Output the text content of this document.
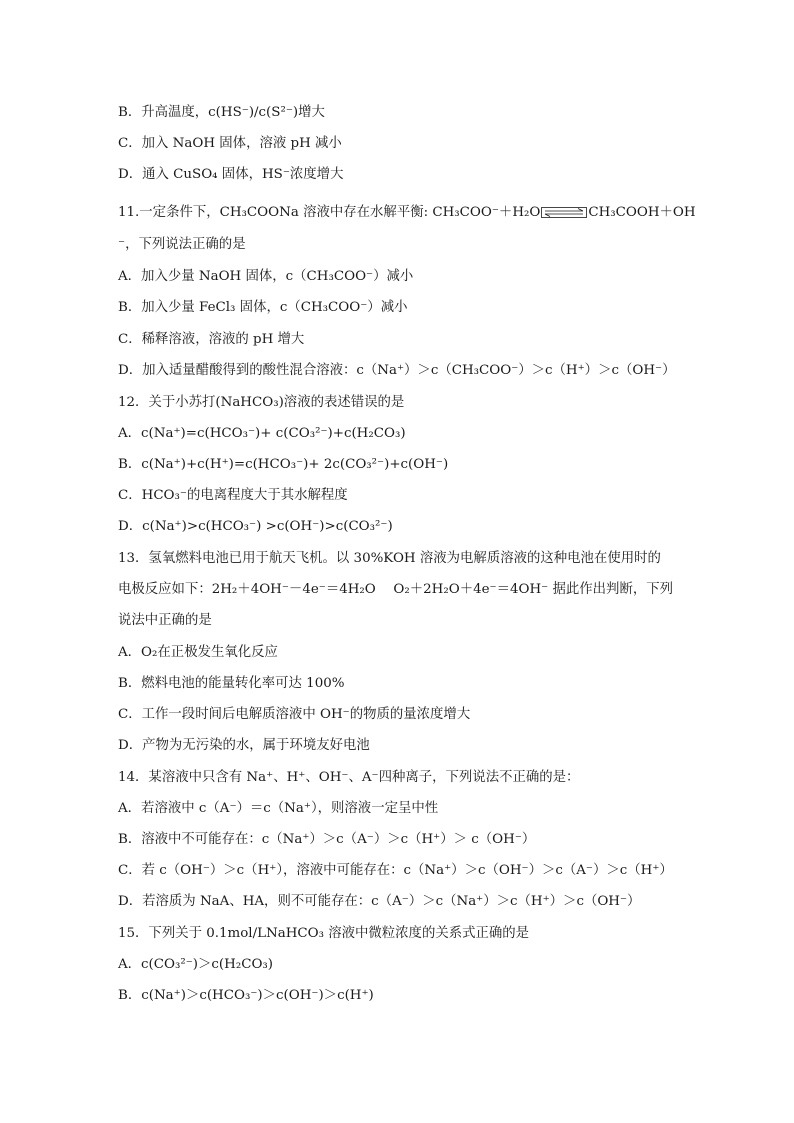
B．升高温度，c(HS⁻)/c(S²⁻)增大
C．加入 NaOH 固体，溶液 pH 减小
D．通入 CuSO₄ 固体，HS⁻浓度增大
11.一定条件下，CH₃COONa 溶液中存在水解平衡: CH₃COO⁻＋H₂O	CH₃COOH＋OH
⁻，下列说法正确的是
A．加入少量 NaOH 固体，c（CH₃COO⁻）减小
B．加入少量 FeCl₃ 固体，c（CH₃COO⁻）减小
C．稀释溶液，溶液的 pH 增大
D．加入适量醋酸得到的酸性混合溶液：c（Na⁺）＞c（CH₃COO⁻）＞c（H⁺）＞c（OH⁻）
12．关于小苏打(NaHCO₃)溶液的表述错误的是
A．c(Na⁺)=c(HCO₃⁻)+ c(CO₃²⁻)+c(H₂CO₃)
B．c(Na⁺)+c(H⁺)=c(HCO₃⁻)+ 2c(CO₃²⁻)+c(OH⁻)
C．HCO₃⁻的电离程度大于其水解程度
D．c(Na⁺)>c(HCO₃⁻) >c(OH⁻)>c(CO₃²⁻)
13．氢氧燃料电池已用于航天飞机。以 30%KOH 溶液为电解质溶液的这种电池在使用时的
电极反应如下：2H₂＋4OH⁻－4e⁻＝4H₂O　 O₂＋2H₂O＋4e⁻＝4OH⁻ 据此作出判断，下列
说法中正确的是
A．O₂在正极发生氧化反应
B．燃料电池的能量转化率可达 100%
C．工作一段时间后电解质溶液中 OH⁻的物质的量浓度增大
D．产物为无污染的水，属于环境友好电池
14．某溶液中只含有 Na⁺、H⁺、OH⁻、A⁻四种离子，下列说法不正确的是：
A．若溶液中 c（A⁻）＝c（Na⁺），则溶液一定呈中性
B．溶液中不可能存在：c（Na⁺）＞c（A⁻）＞c（H⁺）＞ c（OH⁻）
C．若 c（OH⁻）＞c（H⁺），溶液中可能存在：c（Na⁺）＞c（OH⁻）＞c（A⁻）＞c（H⁺）
D．若溶质为 NaA、HA，则不可能存在：c（A⁻）＞c（Na⁺）＞c（H⁺）＞c（OH⁻）
15．下列关于 0.1mol/LNaHCO₃ 溶液中微粒浓度的关系式正确的是
A．c(CO₃²⁻)＞c(H₂CO₃)
B．c(Na⁺)＞c(HCO₃⁻)＞c(OH⁻)＞c(H⁺)
